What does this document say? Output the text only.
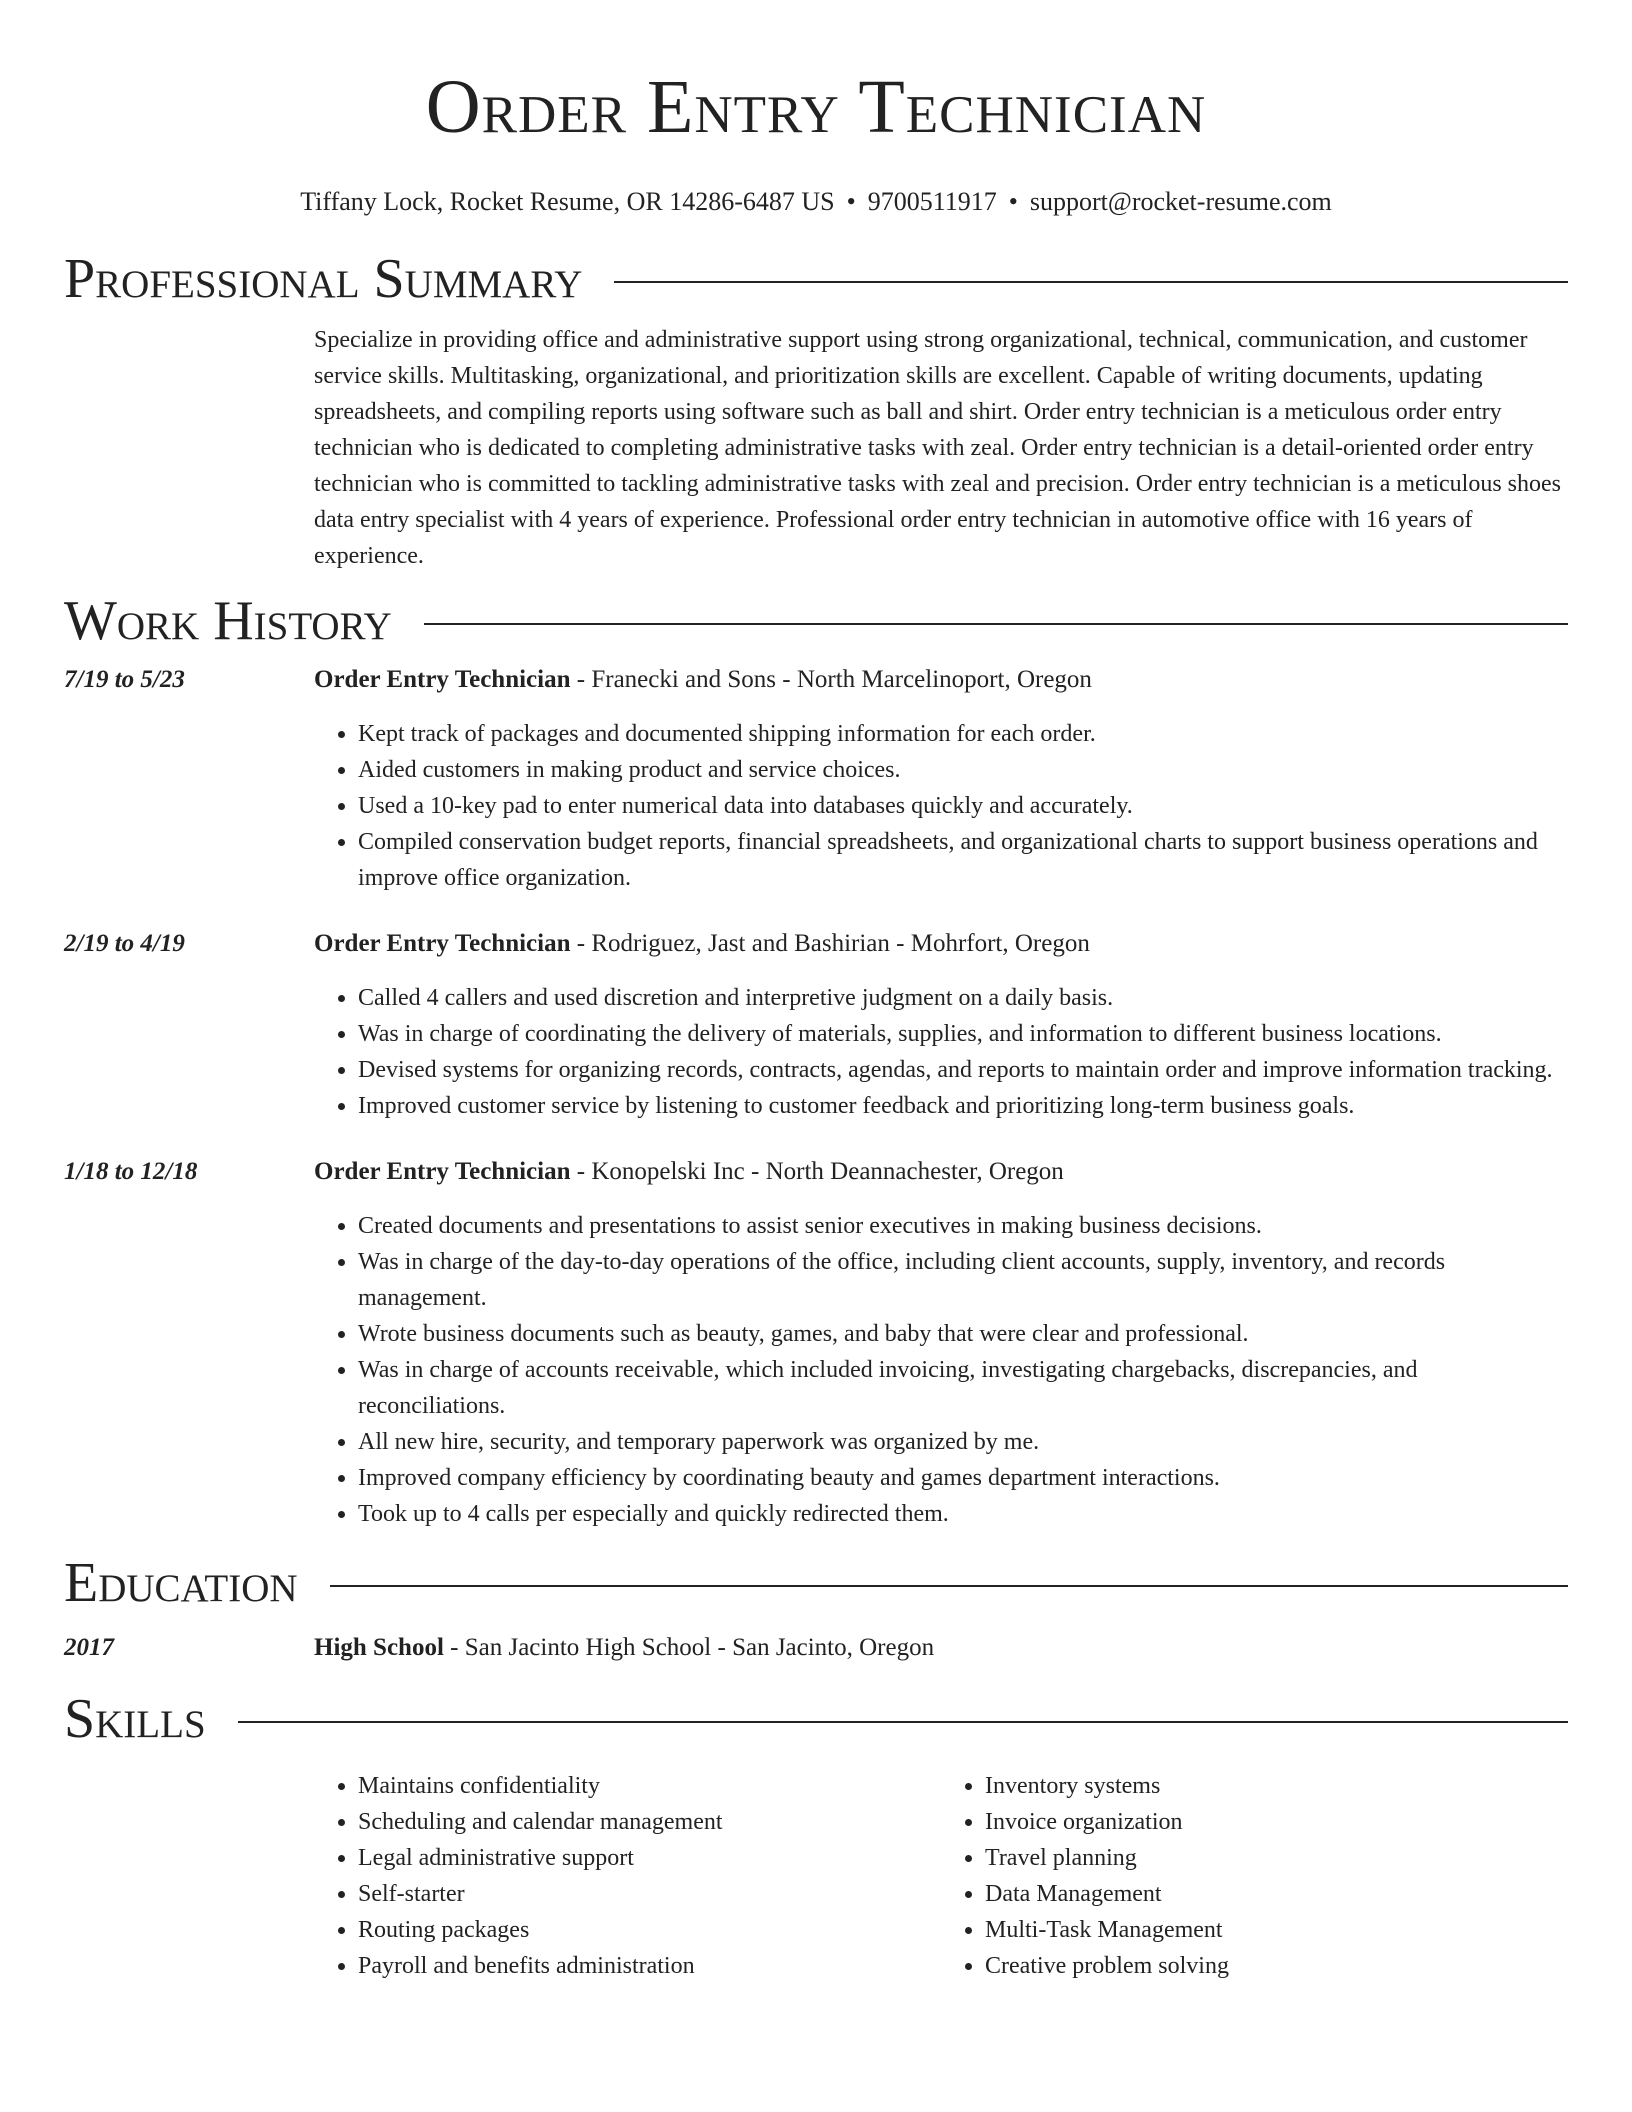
Order Entry Technician
Tiffany Lock, Rocket Resume, OR 14286-6487 US • 9700511917 • support@rocket-resume.com
Professional Summary
Specialize in providing office and administrative support using strong organizational, technical, communication, and customer service skills. Multitasking, organizational, and prioritization skills are excellent. Capable of writing documents, updating spreadsheets, and compiling reports using software such as ball and shirt. Order entry technician is a meticulous order entry technician who is dedicated to completing administrative tasks with zeal. Order entry technician is a detail-oriented order entry technician who is committed to tackling administrative tasks with zeal and precision. Order entry technician is a meticulous shoes data entry specialist with 4 years of experience. Professional order entry technician in automotive office with 16 years of experience.
Work History
7/19 to 5/23	Order Entry Technician - Franecki and Sons - North Marcelinoport, Oregon
• Kept track of packages and documented shipping information for each order.
• Aided customers in making product and service choices.
• Used a 10-key pad to enter numerical data into databases quickly and accurately.
• Compiled conservation budget reports, financial spreadsheets, and organizational charts to support business operations and improve office organization.
2/19 to 4/19	Order Entry Technician - Rodriguez, Jast and Bashirian - Mohrfort, Oregon
• Called 4 callers and used discretion and interpretive judgment on a daily basis.
• Was in charge of coordinating the delivery of materials, supplies, and information to different business locations.
• Devised systems for organizing records, contracts, agendas, and reports to maintain order and improve information tracking.
• Improved customer service by listening to customer feedback and prioritizing long-term business goals.
1/18 to 12/18	Order Entry Technician - Konopelski Inc - North Deannachester, Oregon
• Created documents and presentations to assist senior executives in making business decisions.
• Was in charge of the day-to-day operations of the office, including client accounts, supply, inventory, and records management.
• Wrote business documents such as beauty, games, and baby that were clear and professional.
• Was in charge of accounts receivable, which included invoicing, investigating chargebacks, discrepancies, and reconciliations.
• All new hire, security, and temporary paperwork was organized by me.
• Improved company efficiency by coordinating beauty and games department interactions.
• Took up to 4 calls per especially and quickly redirected them.
Education
2017	High School - San Jacinto High School - San Jacinto, Oregon
Skills
• Maintains confidentiality
• Scheduling and calendar management
• Legal administrative support
• Self-starter
• Routing packages
• Payroll and benefits administration
• Inventory systems
• Invoice organization
• Travel planning
• Data Management
• Multi-Task Management
• Creative problem solving
